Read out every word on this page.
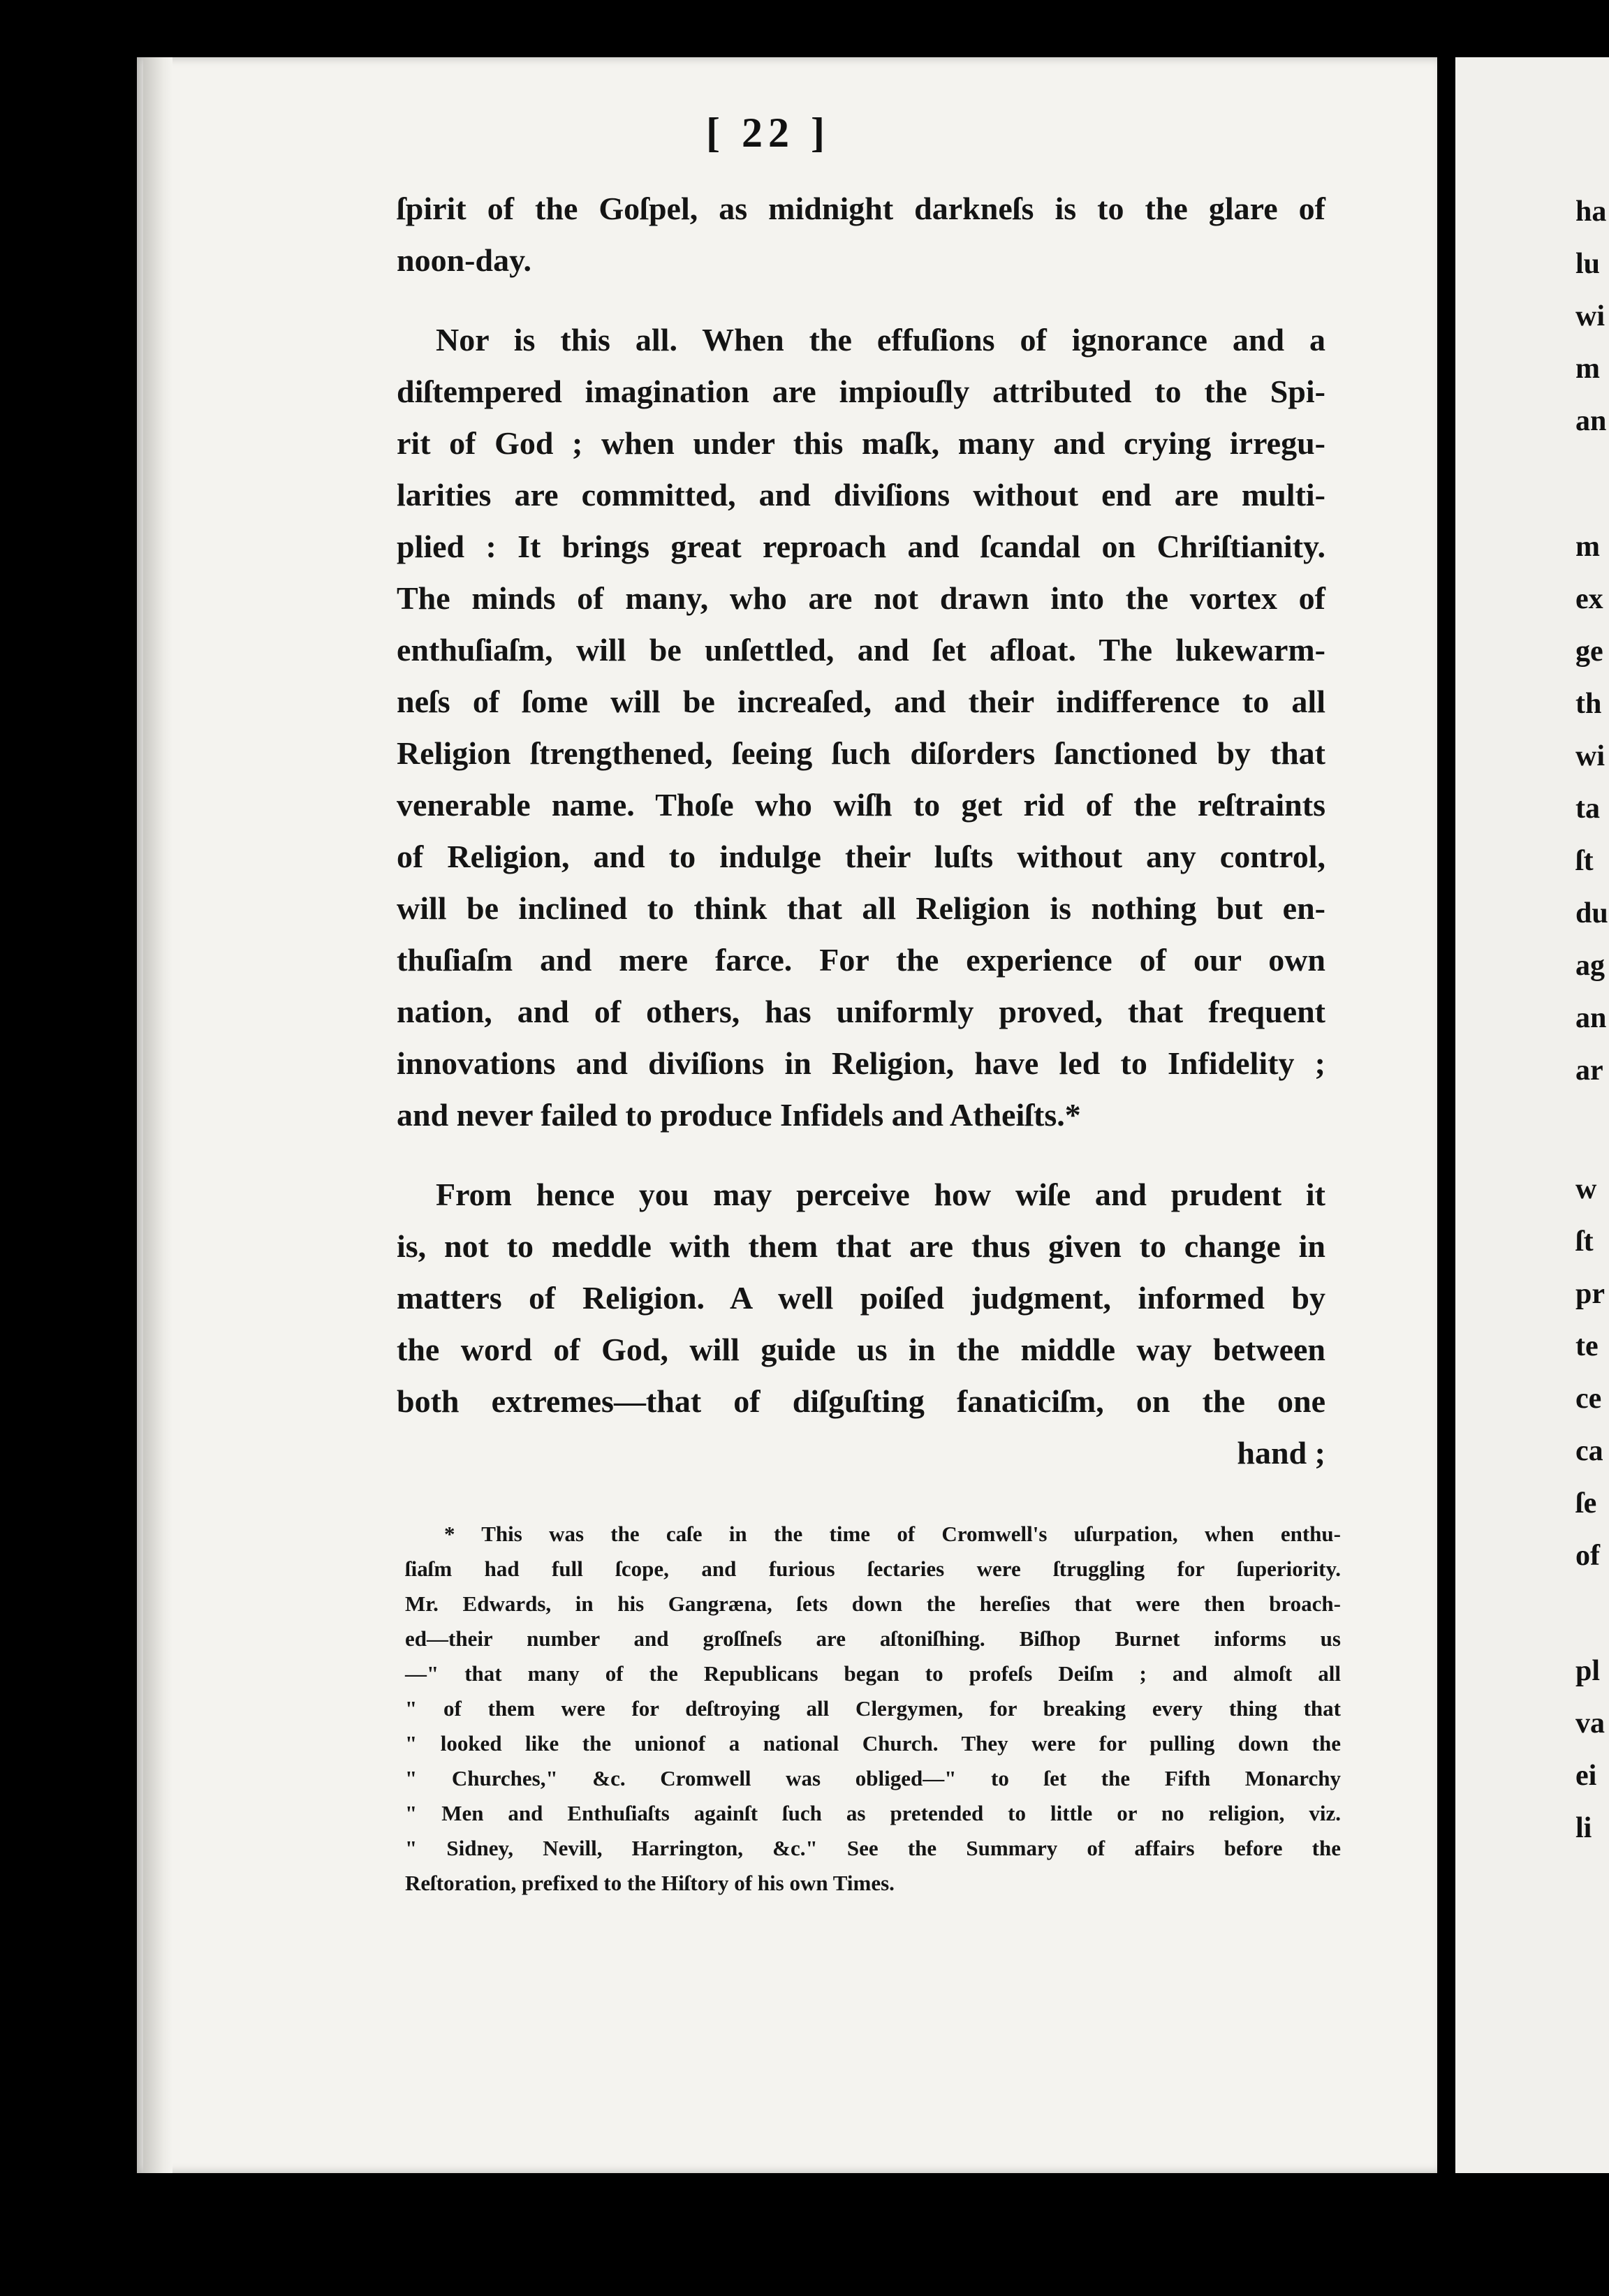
ha
lu
wi
m
an
m
ex
ge
th
wi
ta
ſt
du
ag
an
ar
w
ſt
pr
te
ce
ca
ſe
of
pl
va
ei
li
[ 22 ]
ſpirit of the Goſpel, as midnight darkneſs is to the glare of
noon-day.
Nor is this all. When the effuſions of ignorance and a
diſtempered imagination are impiouſly attributed to the Spi-
rit of God ; when under this maſk, many and crying irregu-
larities are committed, and diviſions without end are multi-
plied : It brings great reproach and ſcandal on Chriſtianity.
The minds of many, who are not drawn into the vortex of
enthuſiaſm, will be unſettled, and ſet afloat. The lukewarm-
neſs of ſome will be increaſed, and their indifference to all
Religion ſtrengthened, ſeeing ſuch diſorders ſanctioned by that
venerable name. Thoſe who wiſh to get rid of the reſtraints
of Religion, and to indulge their luſts without any control,
will be inclined to think that all Religion is nothing but en-
thuſiaſm and mere farce. For the experience of our own
nation, and of others, has uniformly proved, that frequent
innovations and diviſions in Religion, have led to Infidelity ;
and never failed to produce Infidels and Atheiſts.*
From hence you may perceive how wiſe and prudent it
is, not to meddle with them that are thus given to change in
matters of Religion. A well poiſed judgment, informed by
the word of God, will guide us in the middle way between
both extremes—that of diſguſting fanaticiſm, on the one
hand ;
* This was the caſe in the time of Cromwell's uſurpation, when enthu-
ſiaſm had full ſcope, and furious ſectaries were ſtruggling for ſuperiority.
Mr. Edwards, in his Gangræna, ſets down the hereſies that were then broach-
ed—their number and groſſneſs are aſtoniſhing. Biſhop Burnet informs us
—" that many of the Republicans began to profeſs Deiſm ; and almoſt all
" of them were for deſtroying all Clergymen, for breaking every thing that
" looked like the unionof a national Church. They were for pulling down the
" Churches," &c. Cromwell was obliged—" to ſet the Fifth Monarchy
" Men and Enthuſiaſts againſt ſuch as pretended to little or no religion, viz.
" Sidney, Nevill, Harrington, &c." See the Summary of affairs before the
Reſtoration, prefixed to the Hiſtory of his own Times.
